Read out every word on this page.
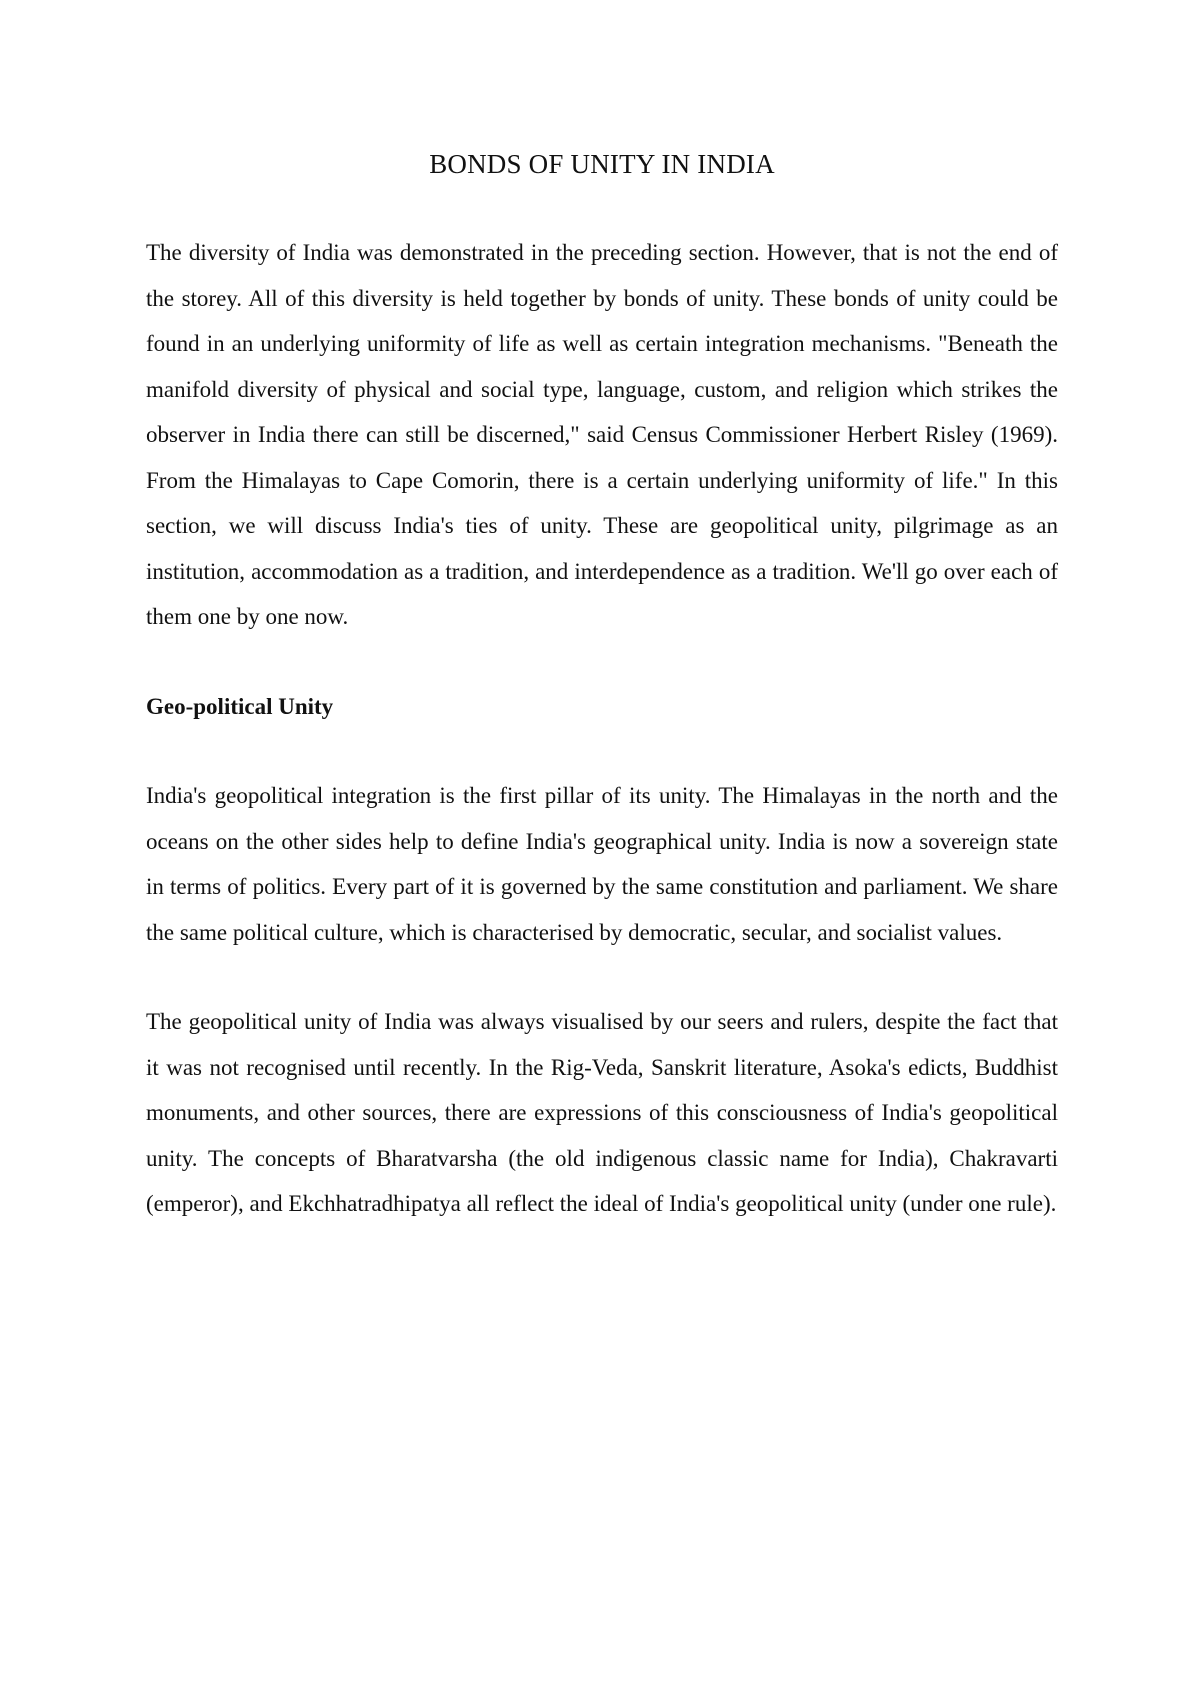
BONDS OF UNITY IN INDIA

The diversity of India was demonstrated in the preceding section. However, that is not the end of the storey. All of this diversity is held together by bonds of unity. These bonds of unity could be found in an underlying uniformity of life as well as certain integration mechanisms. "Beneath the manifold diversity of physical and social type, language, custom, and religion which strikes the observer in India there can still be discerned," said Census Commissioner Herbert Risley (1969). From the Himalayas to Cape Comorin, there is a certain underlying uniformity of life." In this section, we will discuss India's ties of unity. These are geopolitical unity, pilgrimage as an institution, accommodation as a tradition, and interdependence as a tradition. We'll go over each of them one by one now.

Geo-political Unity

India's geopolitical integration is the first pillar of its unity. The Himalayas in the north and the oceans on the other sides help to define India's geographical unity. India is now a sovereign state in terms of politics. Every part of it is governed by the same constitution and parliament. We share the same political culture, which is characterised by democratic, secular, and socialist values.

The geopolitical unity of India was always visualised by our seers and rulers, despite the fact that it was not recognised until recently. In the Rig-Veda, Sanskrit literature, Asoka's edicts, Buddhist monuments, and other sources, there are expressions of this consciousness of India's geopolitical unity. The concepts of Bharatvarsha (the old indigenous classic name for India), Chakravarti (emperor), and Ekchhatradhipatya all reflect the ideal of India's geopolitical unity (under one rule).
